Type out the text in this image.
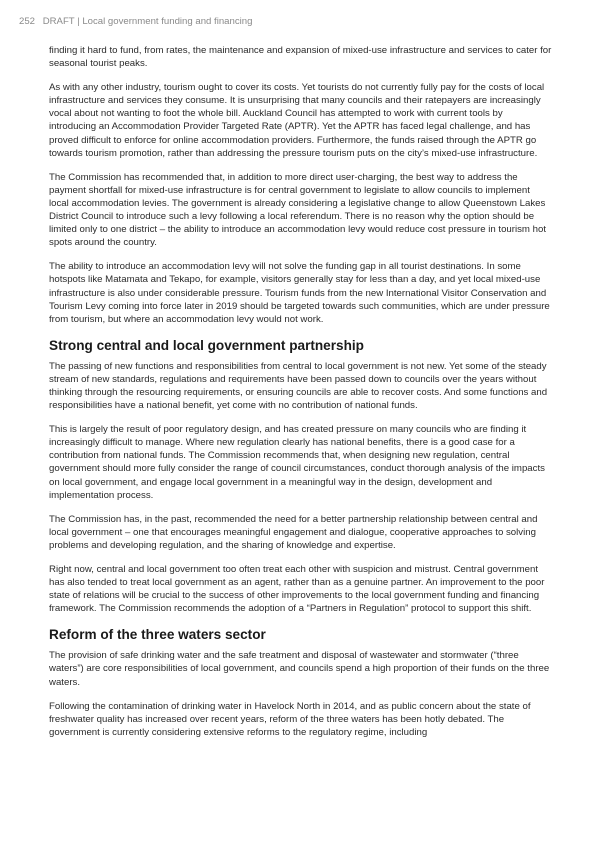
252 DRAFT | Local government funding and financing

finding it hard to fund, from rates, the maintenance and expansion of mixed-use infrastructure and services to cater for seasonal tourist peaks.

As with any other industry, tourism ought to cover its costs. Yet tourists do not currently fully pay for the costs of local infrastructure and services they consume. It is unsurprising that many councils and their ratepayers are increasingly vocal about not wanting to foot the whole bill. Auckland Council has attempted to work with current tools by introducing an Accommodation Provider Targeted Rate (APTR). Yet the APTR has faced legal challenge, and has proved difficult to enforce for online accommodation providers. Furthermore, the funds raised through the APTR go towards tourism promotion, rather than addressing the pressure tourism puts on the city’s mixed-use infrastructure.

The Commission has recommended that, in addition to more direct user-charging, the best way to address the payment shortfall for mixed-use infrastructure is for central government to legislate to allow councils to implement local accommodation levies. The government is already considering a legislative change to allow Queenstown Lakes District Council to introduce such a levy following a local referendum. There is no reason why the option should be limited only to one district – the ability to introduce an accommodation levy would reduce cost pressure in tourism hot spots around the country.

The ability to introduce an accommodation levy will not solve the funding gap in all tourist destinations. In some hotspots like Matamata and Tekapo, for example, visitors generally stay for less than a day, and yet local mixed-use infrastructure is also under considerable pressure. Tourism funds from the new International Visitor Conservation and Tourism Levy coming into force later in 2019 should be targeted towards such communities, which are under pressure from tourism, but where an accommodation levy would not work.

Strong central and local government partnership

The passing of new functions and responsibilities from central to local government is not new. Yet some of the steady stream of new standards, regulations and requirements have been passed down to councils over the years without thinking through the resourcing requirements, or ensuring councils are able to recover costs. And some functions and responsibilities have a national benefit, yet come with no contribution of national funds.

This is largely the result of poor regulatory design, and has created pressure on many councils who are finding it increasingly difficult to manage. Where new regulation clearly has national benefits, there is a good case for a contribution from national funds. The Commission recommends that, when designing new regulation, central government should more fully consider the range of council circumstances, conduct thorough analysis of the impacts on local government, and engage local government in a meaningful way in the design, development and implementation process.

The Commission has, in the past, recommended the need for a better partnership relationship between central and local government – one that encourages meaningful engagement and dialogue, cooperative approaches to solving problems and developing regulation, and the sharing of knowledge and expertise.

Right now, central and local government too often treat each other with suspicion and mistrust. Central government has also tended to treat local government as an agent, rather than as a genuine partner. An improvement to the poor state of relations will be crucial to the success of other improvements to the local government funding and financing framework. The Commission recommends the adoption of a “Partners in Regulation” protocol to support this shift.

Reform of the three waters sector

The provision of safe drinking water and the safe treatment and disposal of wastewater and stormwater (“three waters”) are core responsibilities of local government, and councils spend a high proportion of their funds on the three waters.

Following the contamination of drinking water in Havelock North in 2014, and as public concern about the state of freshwater quality has increased over recent years, reform of the three waters has been hotly debated. The government is currently considering extensive reforms to the regulatory regime, including
